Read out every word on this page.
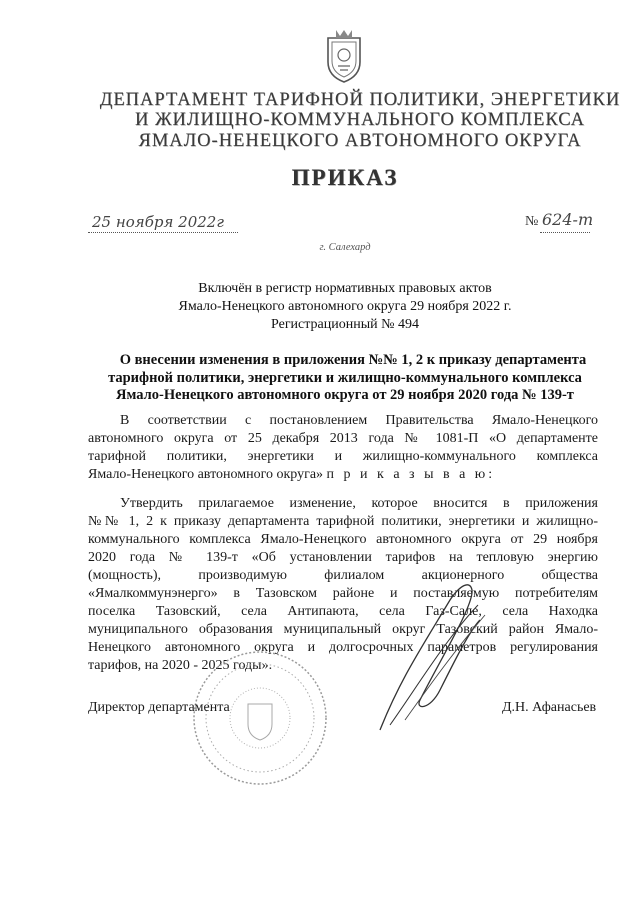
ДЕПАРТАМЕНТ ТАРИФНОЙ ПОЛИТИКИ, ЭНЕРГЕТИКИ
И ЖИЛИЩНО-КОММУНАЛЬНОГО КОМПЛЕКСА
ЯМАЛО-НЕНЕЦКОГО АВТОНОМНОГО ОКРУГА
ПРИКАЗ
25 ноября 2022г	№ 624-т
г. Салехард
Включён в регистр нормативных правовых актов
Ямало-Ненецкого автономного округа 29 ноября 2022 г.
Регистрационный № 494
О внесении изменения в приложения №№ 1, 2 к приказу департамента
тарифной политики, энергетики и жилищно-коммунального комплекса
Ямало-Ненецкого автономного округа от 29 ноября 2020 года № 139-т
В соответствии с постановлением Правительства Ямало-Ненецкого
автономного округа от 25 декабря 2013 года № 1081-П «О департаменте
тарифной политики, энергетики и жилищно-коммунального комплекса
Ямало-Ненецкого автономного округа» п р и к а з ы в а ю:
Утвердить прилагаемое изменение, которое вносится в приложения
№№ 1, 2 к приказу департамента тарифной политики, энергетики и жилищно-
коммунального комплекса Ямало-Ненецкого автономного округа от 29 ноября
2020 года № 139-т «Об установлении тарифов на тепловую энергию
(мощность), производимую филиалом акционерного общества
«Ямалкоммунэнерго» в Тазовском районе и поставляемую потребителям
поселка Тазовский, села Антипаюта, села Газ-Сале, села Находка
муниципального образования муниципальный округ Тазовский район Ямало-
Ненецкого автономного округа и долгосрочных параметров регулирования
тарифов, на 2020 - 2025 годы».
Директор департамента	Д.Н. Афанасьев
